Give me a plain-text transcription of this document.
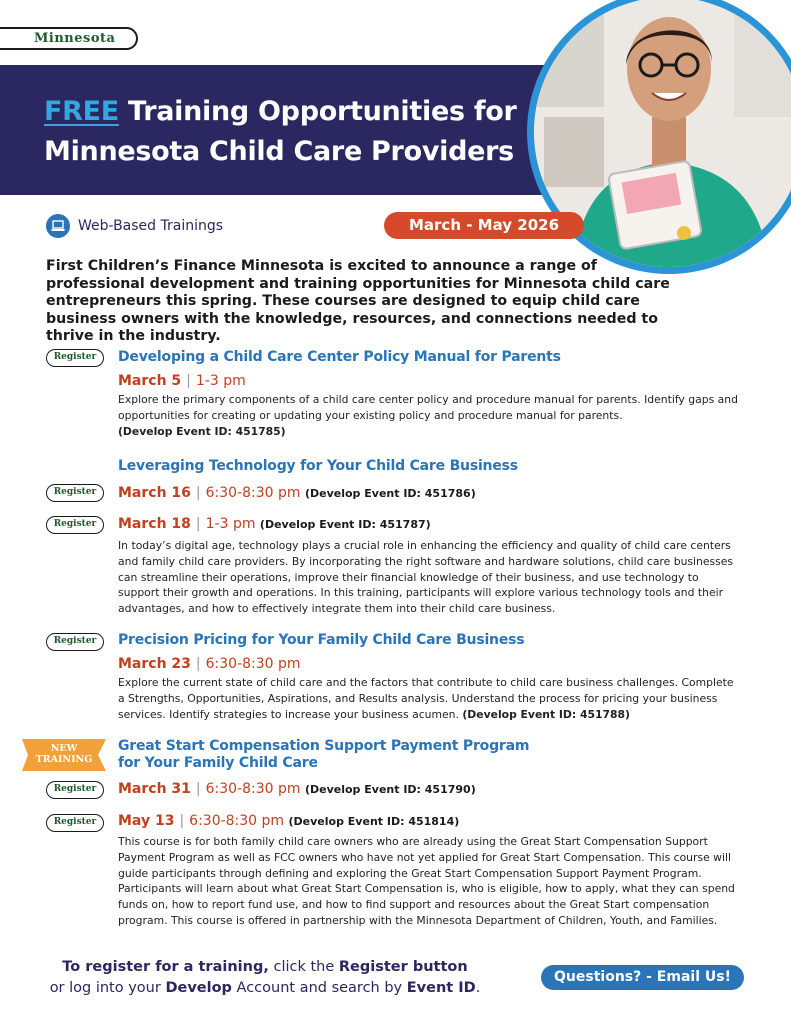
Minnesota
FREE Training Opportunities for
Minnesota Child Care Providers
Web-Based Trainings	March - May 2026

First Children’s Finance Minnesota is excited to announce a range of professional development and training opportunities for Minnesota child care entrepreneurs this spring. These courses are designed to equip child care business owners with the knowledge, resources, and connections needed to thrive in the industry.

Register	Developing a Child Care Center Policy Manual for Parents
March 5 | 1-3 pm
Explore the primary components of a child care center policy and procedure manual for parents. Identify gaps and opportunities for creating or updating your existing policy and procedure manual for parents.
(Develop Event ID: 451785)
Leveraging Technology for Your Child Care Business
Register	March 16 | 6:30-8:30 pm (Develop Event ID: 451786)
Register	March 18 | 1-3 pm (Develop Event ID: 451787)
In today’s digital age, technology plays a crucial role in enhancing the efficiency and quality of child care centers and family child care providers. By incorporating the right software and hardware solutions, child care businesses can streamline their operations, improve their financial knowledge of their business, and use technology to support their growth and operations. In this training, participants will explore various technology tools and their advantages, and how to effectively integrate them into their child care business.
Register	Precision Pricing for Your Family Child Care Business
March 23 | 6:30-8:30 pm
Explore the current state of child care and the factors that contribute to child care business challenges. Complete a Strengths, Opportunities, Aspirations, and Results analysis. Understand the process for pricing your business services. Identify strategies to increase your business acumen. (Develop Event ID: 451788)
NEW
TRAINING
Great Start Compensation Support Payment Program
for Your Family Child Care
Register	March 31 | 6:30-8:30 pm (Develop Event ID: 451790)
Register	May 13 | 6:30-8:30 pm (Develop Event ID: 451814)
This course is for both family child care owners who are already using the Great Start Compensation Support Payment Program as well as FCC owners who have not yet applied for Great Start Compensation. This course will guide participants through defining and exploring the Great Start Compensation Support Payment Program. Participants will learn about what Great Start Compensation is, who is eligible, how to apply, what they can spend funds on, how to report fund use, and how to find support and resources about the Great Start compensation program. This course is offered in partnership with the Minnesota Department of Children, Youth, and Families.
To register for a training, click the Register button
or log into your Develop Account and search by Event ID.
Questions? - Email Us!
